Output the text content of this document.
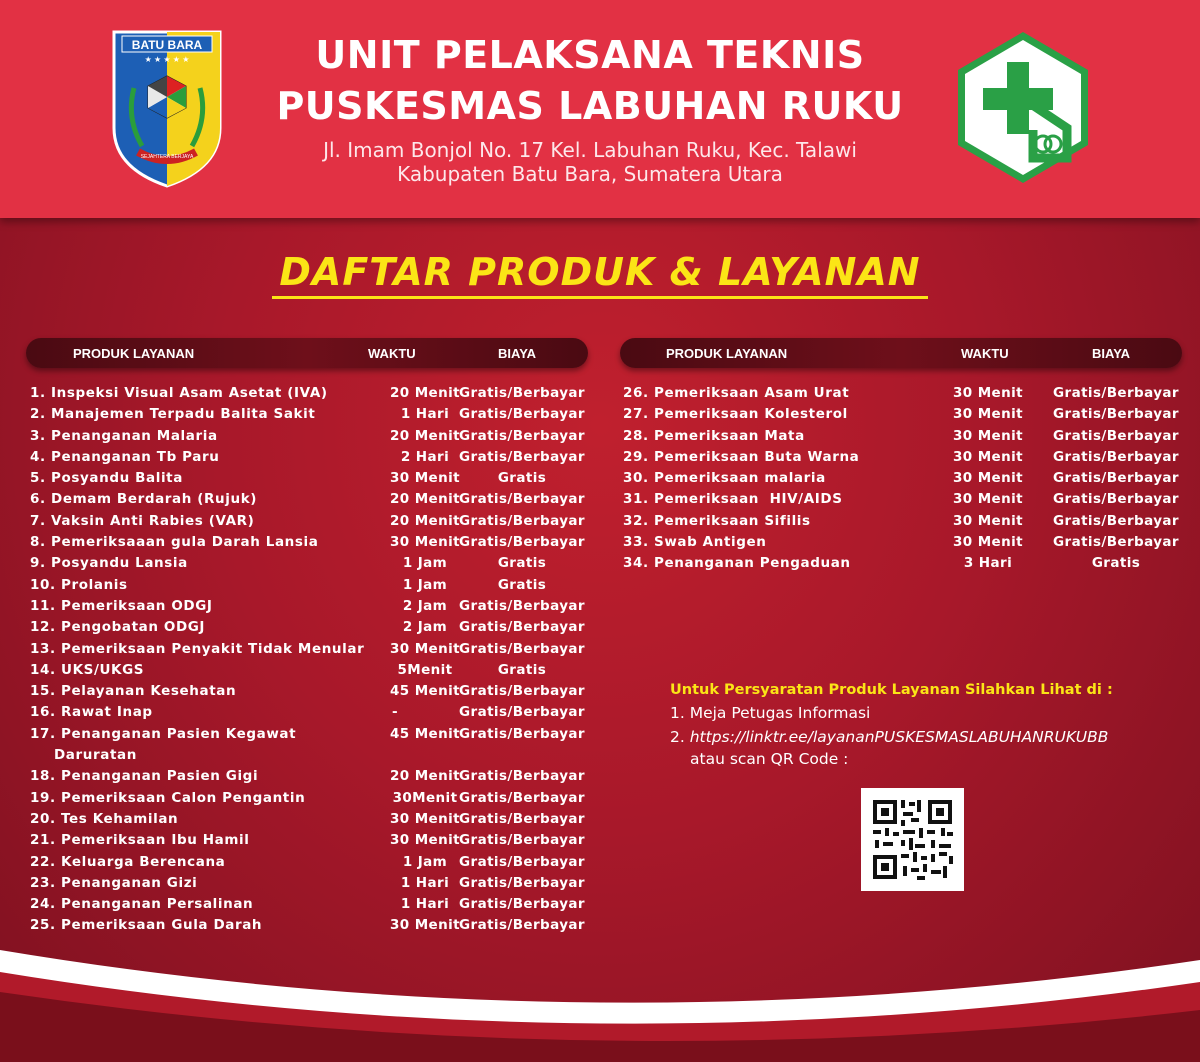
BATU BARA
★ ★ ★ ★ ★
SEJAHTERA BERJAYA
UNIT PELAKSANA TEKNIS
PUSKESMAS LABUHAN RUKU
Jl. Imam Bonjol No. 17 Kel. Labuhan Ruku, Kec. Talawi
Kabupaten Batu Bara, Sumatera Utara
DAFTAR PRODUK & LAYANAN
PRODUK LAYANAN	WAKTU	BIAYA	PRODUK LAYANAN	WAKTU	BIAYA
1. Inspeksi Visual Asam Asetat (IVA)	20 Menit Gratis/Berbayar
2. Manajemen Terpadu Balita Sakit	1 Hari Gratis/Berbayar
3. Penanganan Malaria	20 Menit Gratis/Berbayar
4. Penanganan Tb Paru	2 Hari Gratis/Berbayar
5. Posyandu Balita	30 Menit	Gratis
6. Demam Berdarah (Rujuk)	20 Menit Gratis/Berbayar
7. Vaksin Anti Rabies (VAR)	20 Menit Gratis/Berbayar
8. Pemeriksaaan gula Darah Lansia	30 Menit Gratis/Berbayar
9. Posyandu Lansia	1 Jam	Gratis
10. Prolanis	1 Jam	Gratis
11. Pemeriksaan ODGJ	2 Jam Gratis/Berbayar
12. Pengobatan ODGJ	2 Jam Gratis/Berbayar
13. Pemeriksaan Penyakit Tidak Menular	30 Menit Gratis/Berbayar
14. UKS/UKGS	5Menit	Gratis
15. Pelayanan Kesehatan	45 Menit Gratis/Berbayar
16. Rawat Inap	-	Gratis/Berbayar
17. Penanganan Pasien Kegawat
Daruratan
45 Menit Gratis/Berbayar
18. Penanganan Pasien Gigi	20 Menit Gratis/Berbayar
19. Pemeriksaan Calon Pengantin	30Menit Gratis/Berbayar
20. Tes Kehamilan	30 Menit Gratis/Berbayar
21. Pemeriksaan Ibu Hamil	30 Menit Gratis/Berbayar
22. Keluarga Berencana	1 Jam Gratis/Berbayar
23. Penanganan Gizi	1 Hari Gratis/Berbayar
24. Penanganan Persalinan	1 Hari Gratis/Berbayar
25. Pemeriksaan Gula Darah	30 Menit Gratis/Berbayar
26. Pemeriksaan Asam Urat	30 Menit	Gratis/Berbayar
27. Pemeriksaan Kolesterol	30 Menit	Gratis/Berbayar
28. Pemeriksaan Mata	30 Menit	Gratis/Berbayar
29. Pemeriksaan Buta Warna	30 Menit	Gratis/Berbayar
30. Pemeriksaan malaria	30 Menit	Gratis/Berbayar
31. Pemeriksaan  HIV/AIDS	30 Menit	Gratis/Berbayar
32. Pemeriksaan Sifilis	30 Menit	Gratis/Berbayar
33. Swab Antigen	30 Menit	Gratis/Berbayar
34. Penanganan Pengaduan	3 Hari	Gratis
Untuk Persyaratan Produk Layanan Silahkan Lihat di :
1. Meja Petugas Informasi
2. https://linktr.ee/layananPUSKESMASLABUHANRUKUBB
atau scan QR Code :
